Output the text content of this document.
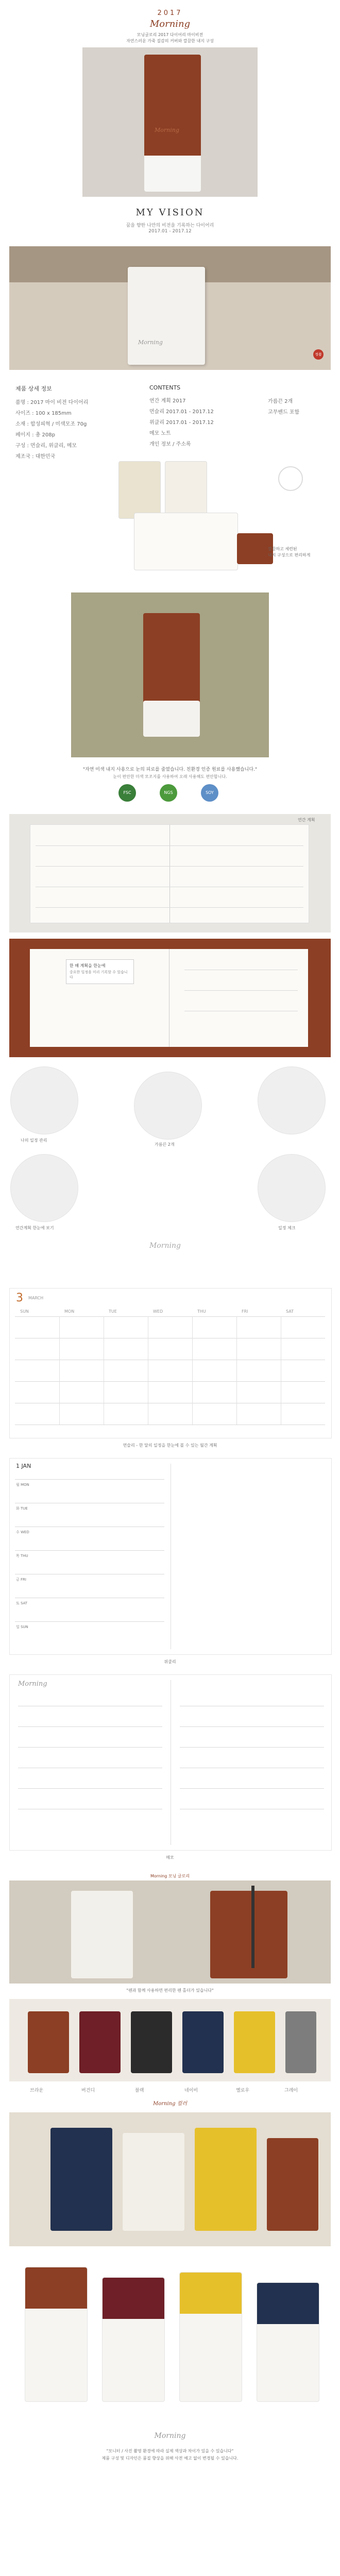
2017
Morning
모닝글로리 2017 다이어리 마이비전
자연스러운 가죽 질감의 커버와 깔끔한 내지 구성
Morning
MY VISION
꿈을 향한 나만의 비전을 기록하는 다이어리
2017.01 - 2017.12
Morning
정품
제품 상세 정보
품명 : 2017 마이 비전 다이어리
사이즈 : 100 x 185mm
소재 : 합성피혁 / 미색모조 70g
페이지 : 총 208p
구성 : 먼슬리, 위클리, 메모
제조국 : 대한민국
CONTENTS
연간 계획 2017
먼슬리 2017.01 - 2017.12
위클리 2017.01 - 2017.12
메모 노트
개인 정보 / 주소록
가름끈 2개
고무밴드 포함
깔끔하고 세련된
내지 구성으로 편리하게
"자연 미색 내지 사용으로 눈의 피로를 줄였습니다. 친환경 인증 원료를 사용했습니다."
눈이 편안한 미색 모조지를 사용하여 오래 사용해도 편안합니다.
FSC	NGS	SOY
연간 계획
한 해 계획을 한눈에
중요한 일정을 미리 기록할 수 있습니다
나의 일정 관리
가름끈 2개
연간계획 한눈에 보기	일정 체크
Morning
3 MARCH
SUN	MON	TUE	WED	THU	FRI	SAT
먼슬리 - 한 달의 일정을 한눈에 볼 수 있는 월간 계획
1 JAN
월 MON
화 TUE
수 WED
목 THU
금 FRI
토 SAT
일 SUN
위클리
Morning
메모
Morning 모닝 글로리
"펜과 함께 사용하면 편리한 펜 홀더가 있습니다"
브라운	버건디	블랙	네이비	옐로우	그레이
Morning 컬러
Morning
"모니터 / 사진 촬영 환경에 따라 실제 색상과 차이가 있을 수 있습니다"
제품 구성 및 디자인은 품질 향상을 위해 사전 예고 없이 변경될 수 있습니다.
